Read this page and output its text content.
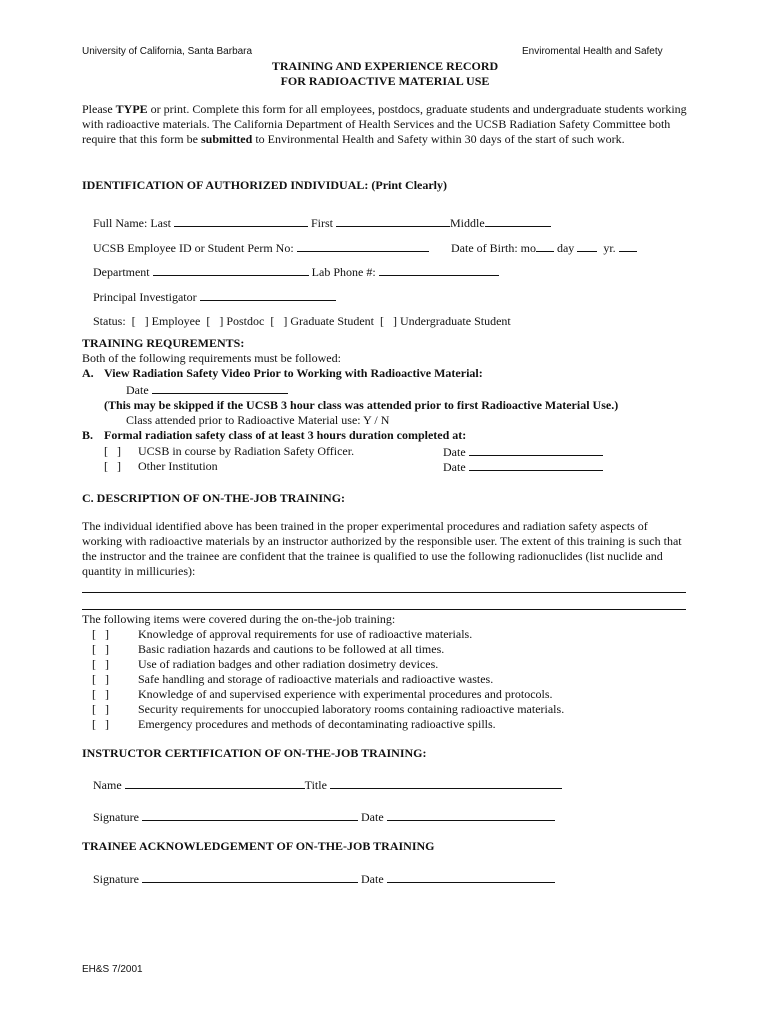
University of California, Santa Barbara	Enviromental Health and Safety
TRAINING AND EXPERIENCE RECORD
FOR RADIOACTIVE MATERIAL USE
Please TYPE or print. Complete this form for all employees, postdocs, graduate students and undergraduate students working with radioactive materials. The California Department of Health Services and the UCSB Radiation Safety Committee both require that this form be submitted to Environmental Health and Safety within 30 days of the start of such work.
IDENTIFICATION OF AUTHORIZED INDIVIDUAL: (Print Clearly)
Full Name: Last	First	Middle
UCSB Employee ID or Student Perm No:	Date of Birth: mo day yr.
Department	Lab Phone #:
Principal Investigator
Status: [   ] Employee [   ] Postdoc [   ] Graduate Student [   ] Undergraduate Student
TRAINING REQUREMENTS:
Both of the following requirements must be followed:
A. View Radiation Safety Video Prior to Working with Radioactive Material:
Date
(This may be skipped if the UCSB 3 hour class was attended prior to first Radioactive Material Use.)
Class attended prior to Radioactive Material use: Y / N
B. Formal radiation safety class of at least 3 hours duration completed at:
[   ] UCSB in course by Radiation Safety Officer.	Date
[   ] Other Institution	Date
C. DESCRIPTION OF ON-THE-JOB TRAINING:
The individual identified above has been trained in the proper experimental procedures and radiation safety aspects of working with radioactive materials by an instructor authorized by the responsible user. The extent of this training is such that the instructor and the trainee are confident that the trainee is qualified to use the following radionuclides (list nuclide and quantity in millicuries):
The following items were covered during the on-the-job training:
[   ] Knowledge of approval requirements for use of radioactive materials.
[   ] Basic radiation hazards and cautions to be followed at all times.
[   ] Use of radiation badges and other radiation dosimetry devices.
[   ] Safe handling and storage of radioactive materials and radioactive wastes.
[   ] Knowledge of and supervised experience with experimental procedures and protocols.
[   ] Security requirements for unoccupied laboratory rooms containing radioactive materials.
[   ] Emergency procedures and methods of decontaminating radioactive spills.
INSTRUCTOR CERTIFICATION OF ON-THE-JOB TRAINING:
Name	Title
Signature	Date
TRAINEE ACKNOWLEDGEMENT OF ON-THE-JOB TRAINING
Signature	Date
EH&S 7/2001
